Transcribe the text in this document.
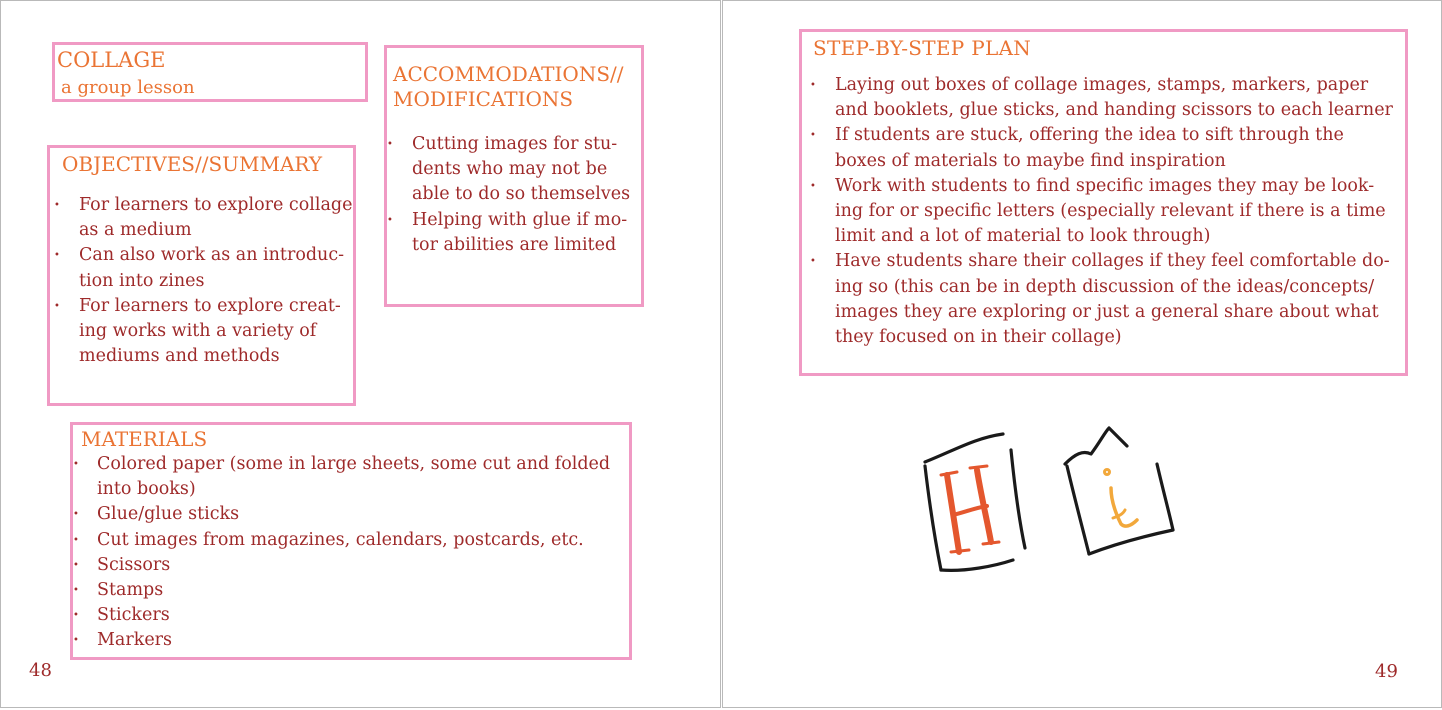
COLLAGE
a group lesson
ACCOMMODATIONS//
MODIFICATIONS
• Cutting images for stu-
dents who may not be
able to do so themselves
• Helping with glue if mo-
tor abilities are limited
OBJECTIVES//SUMMARY
• For learners to explore collage
as a medium
• Can also work as an introduc-
tion into zines
• For learners to explore creat-
ing works with a variety of
mediums and methods
MATERIALS
• Colored paper (some in large sheets, some cut and folded
into books)
• Glue/glue sticks
• Cut images from magazines, calendars, postcards, etc.
• Scissors
• Stamps
• Stickers
• Markers
48
STEP-BY-STEP PLAN
• Laying out boxes of collage images, stamps, markers, paper
and booklets, glue sticks, and handing scissors to each learner
• If students are stuck, offering the idea to sift through the
boxes of materials to maybe find inspiration
• Work with students to find specific images they may be look-
ing for or specific letters (especially relevant if there is a time
limit and a lot of material to look through)
• Have students share their collages if they feel comfortable do-
ing so (this can be in depth discussion of the ideas/concepts/
images they are exploring or just a general share about what
they focused on in their collage)
49
